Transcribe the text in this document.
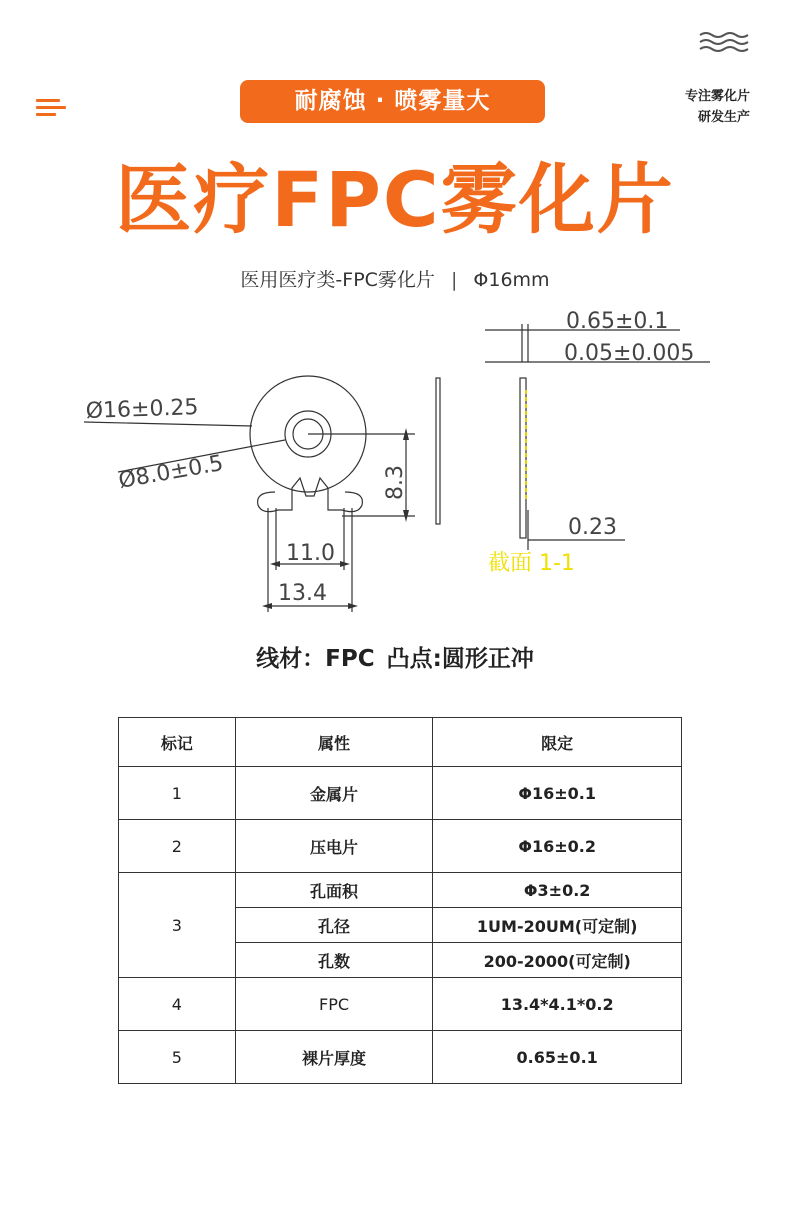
耐腐蚀 · 喷雾量大	专注雾化片
研发生产
医疗FPC雾化片
医用医疗类-FPC雾化片 | Φ16mm
Ø16±0.25
Ø8.0±0.5	8.3
11.0
13.4
0.65±0.1
0.05±0.005
0.23
截面 1-1
线材：FPC 凸点:圆形正冲
标记	属性	限定
1	金属片	Φ16±0.1
2	压电片	Φ16±0.2
3	孔面积	Φ3±0.2
	孔径	1UM-20UM(可定制)
	孔数	200-2000(可定制)
4	FPC	13.4*4.1*0.2
5	裸片厚度	0.65±0.1
